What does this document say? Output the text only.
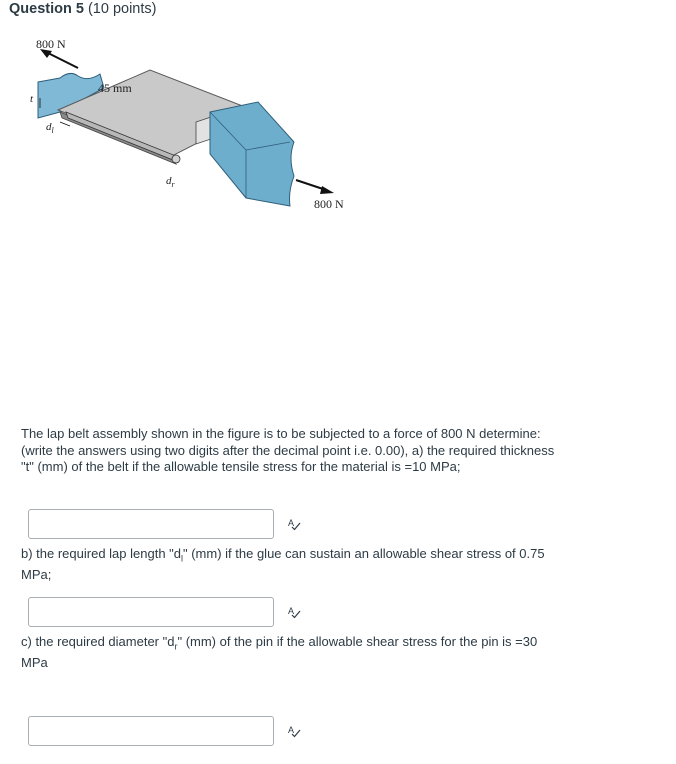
Question 5 (10 points)
800 N
45 mm
t
$d_l$
$d_r$
800 N
The lap belt assembly shown in the figure is to be subjected to a force of 800 N determine: (write the answers using two digits after the decimal point i.e. 0.00), a) the required thickness "t" (mm) of the belt if the allowable tensile stress for the material is =10 MPa;
A
b) the required lap length "$d_l$" (mm) if the glue can sustain an allowable shear stress of 0.75 MPa;
A
c) the required diameter "$d_r$" (mm) of the pin if the allowable shear stress for the pin is =30 MPa
A
